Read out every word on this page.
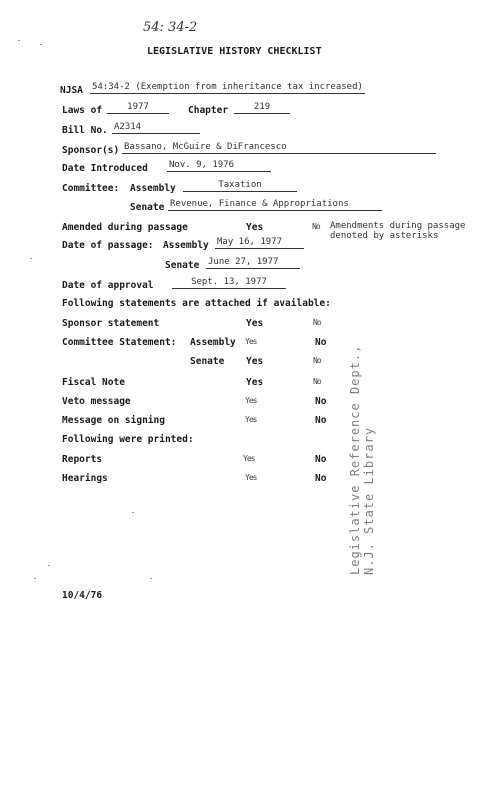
54: 34-2
LEGISLATIVE HISTORY CHECKLIST
NJSA 54:34-2 (Exemption from inheritance tax increased)
Laws of	1977	Chapter	219
Bill No. A2314
Sponsor(s) Bassano, McGuire & DiFrancesco
Date Introduced Nov. 9, 1976
Committee: Assembly	Taxation
Senate Revenue, Finance & Appropriations
Amended during passage	Yes	No Amendments during passage
denoted by asterisks
Date of passage: Assembly May 16, 1977
Senate June 27, 1977
Date of approval	Sept. 13, 1977
Following statements are attached if available:
Sponsor statement	Yes	No
Committee Statement: Assembly Yes	No
Senate Yes	No
Fiscal Note	Yes	No
Veto message	Yes	No
Message on signing	Yes	No
Following were printed:
Reports	Yes	No
Hearings	Yes	No
10/4/76
Legislative Reference Dept., N.J. State Library
